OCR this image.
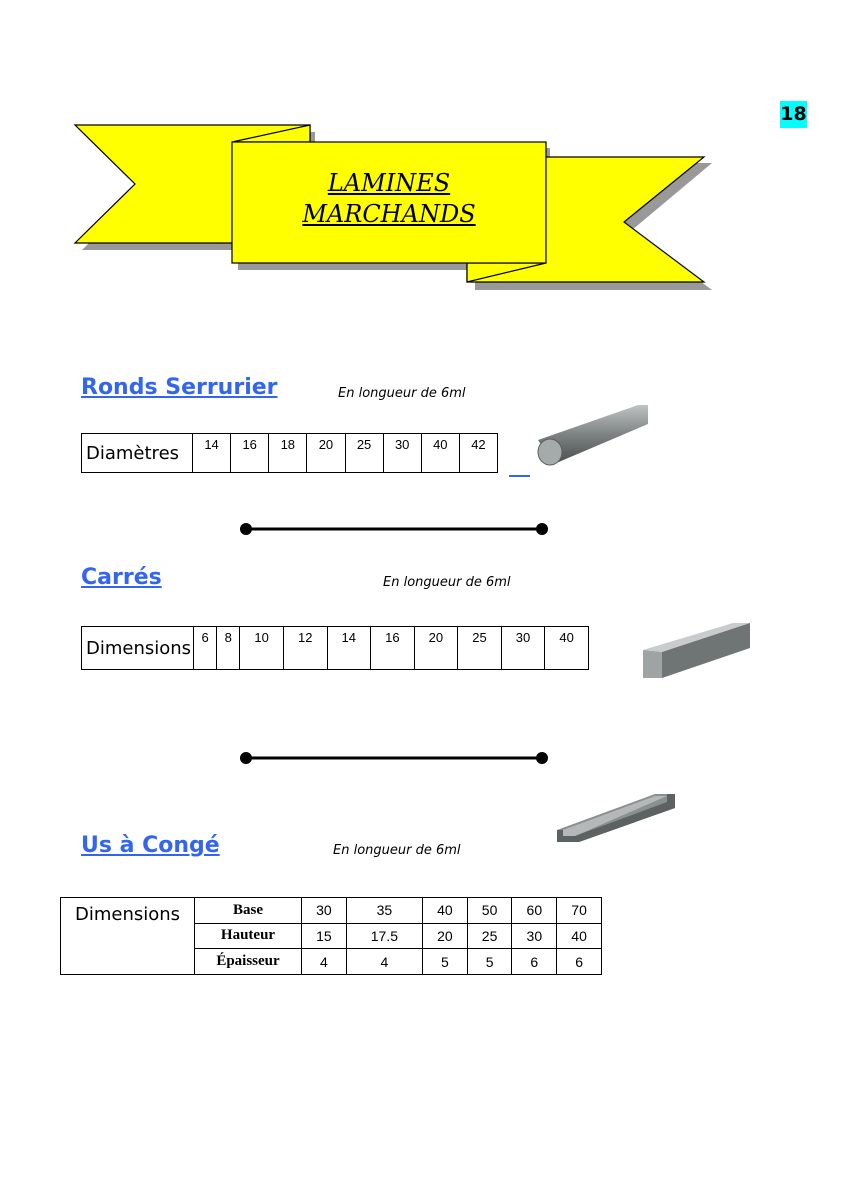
18
LAMINES
MARCHANDS
Ronds Serrurier	En longueur de 6ml
Diamètres	14	16	18	20	25	30	40	42
Carrés	En longueur de 6ml
Dimensions	6	8	10	12	14	16	20	25	30	40
Us à Congé	En longueur de 6ml
Dimensions	Base	30	35	40	50	60	70
	Hauteur	15	17.5	20	25	30	40
	Épaisseur	4	4	5	5	6	6
